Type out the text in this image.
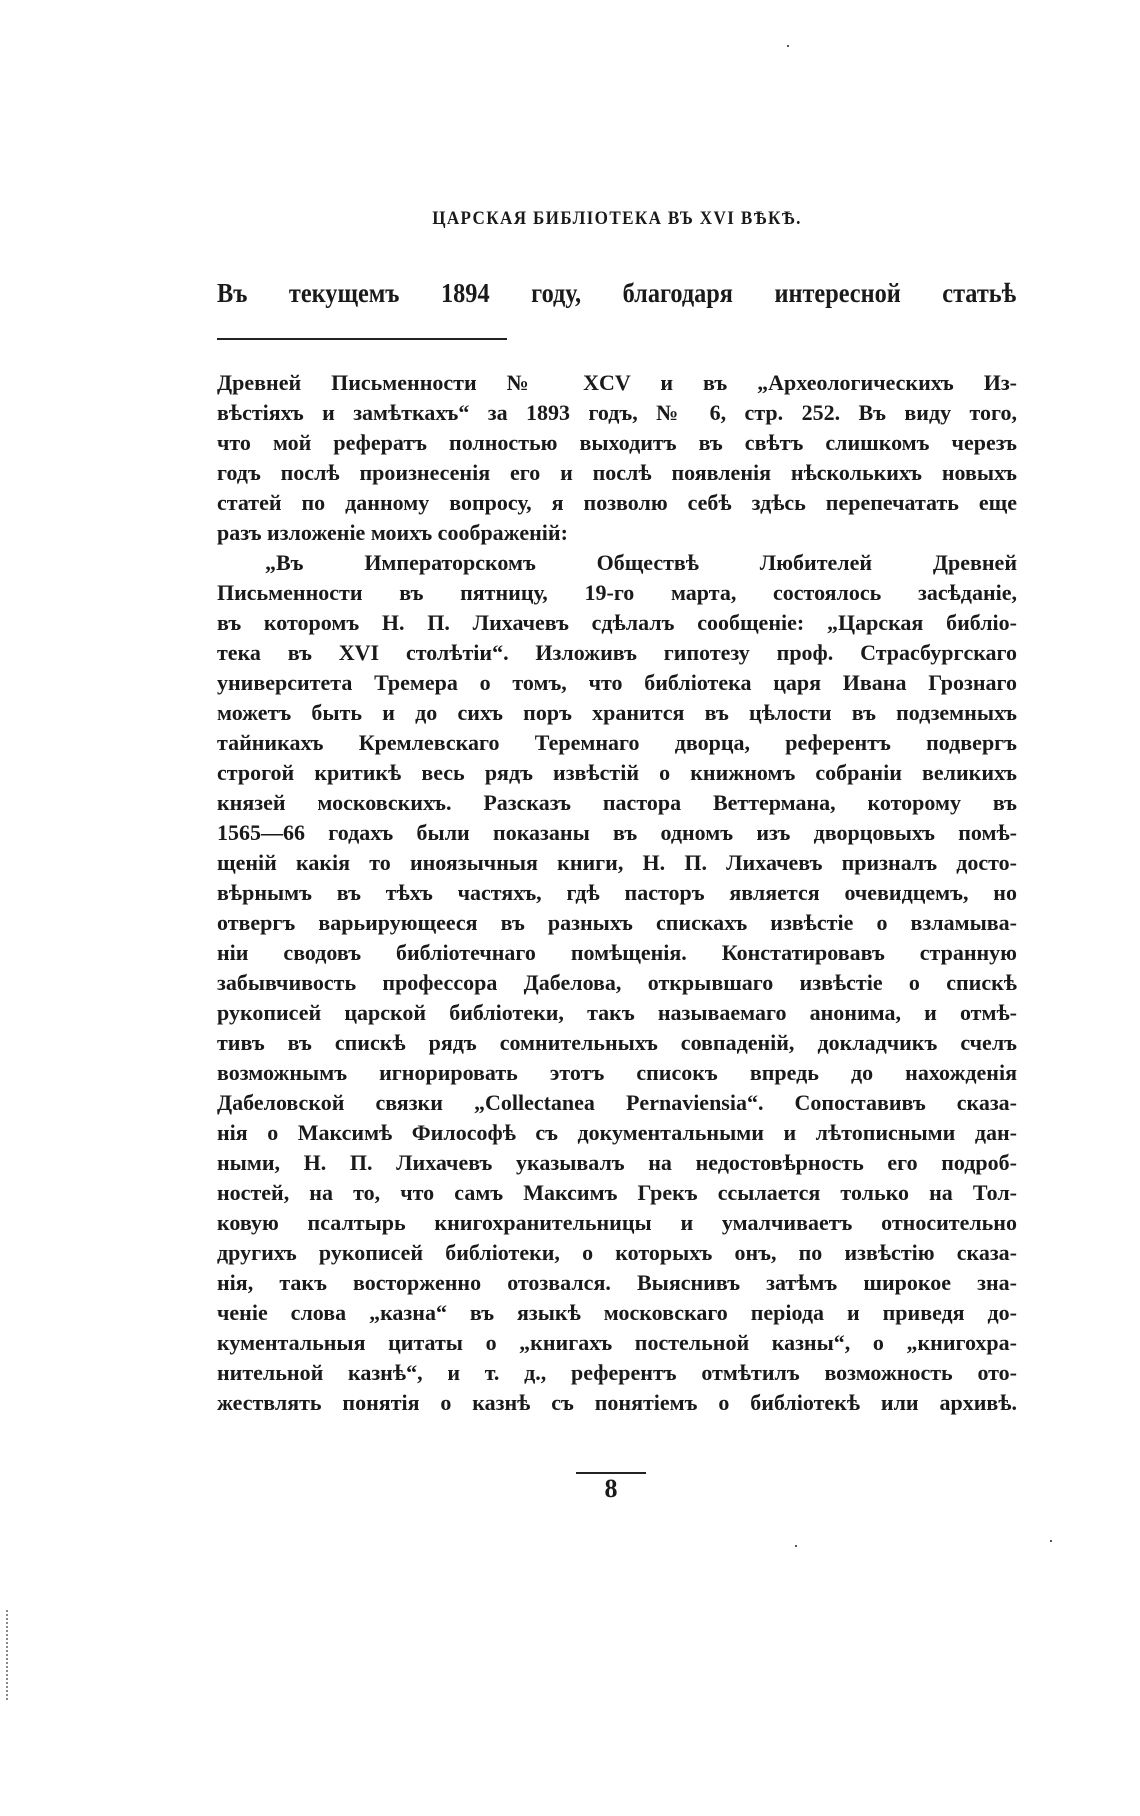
ЦАРСКАЯ БИБЛIОТЕКА ВЪ XVI ВѢКѢ.
Въ текущемъ 1894 году, благодаря интересной статьѣ
Древней Письменности № XCV и въ „Археологическихъ Из-
вѣстiяхъ и замѣткахъ“ за 1893 годъ, № 6, стр. 252. Въ виду того,
что мой рефератъ полностью выходитъ въ свѣтъ слишкомъ черезъ
годъ послѣ произнесенiя его и послѣ появленiя нѣсколькихъ новыхъ
статей по данному вопросу, я позволю себѣ здѣсь перепечатать еще
разъ изложенiе моихъ соображенiй:
„Въ Императорскомъ Обществѣ Любителей Древней
Письменности въ пятницу, 19-го марта, состоялось засѣданiе,
въ которомъ Н. П. Лихачевъ сдѣлалъ сообщенiе: „Царская библiо-
тека въ XVI столѣтiи“. Изложивъ гипотезу проф. Страсбургскаго
университета Тремера о томъ, что библiотека царя Ивана Грознаго
можетъ быть и до сихъ поръ хранится въ цѣлости въ подземныхъ
тайникахъ Кремлевскаго Теремнаго дворца, референтъ подвергъ
строгой критикѣ весь рядъ извѣстiй о книжномъ собранiи великихъ
князей московскихъ. Разсказъ пастора Веттермана, которому въ
1565—66 годахъ были показаны въ одномъ изъ дворцовыхъ помѣ-
щенiй какiя то иноязычныя книги, Н. П. Лихачевъ призналъ досто-
вѣрнымъ въ тѣхъ частяхъ, гдѣ пасторъ является очевидцемъ, но
отвергъ варьирующееся въ разныхъ спискахъ извѣстiе о взламыва-
нiи сводовъ библiотечнаго помѣщенiя. Констатировавъ странную
забывчивость профессора Дабелова, открывшаго извѣстiе о спискѣ
рукописей царской библiотеки, такъ называемаго анонима, и отмѣ-
тивъ въ спискѣ рядъ сомнительныхъ совпаденiй, докладчикъ счелъ
возможнымъ игнорировать этотъ списокъ впредь до нахожденiя
Дабеловской связки „Collectanea Pernaviensia“. Сопоставивъ сказа-
нiя о Максимѣ Философѣ съ документальными и лѣтописными дан-
ными, Н. П. Лихачевъ указывалъ на недостовѣрность его подроб-
ностей, на то, что самъ Максимъ Грекъ ссылается только на Тол-
ковую псалтырь книгохранительницы и умалчиваетъ относительно
другихъ рукописей библiотеки, о которыхъ онъ, по извѣстiю сказа-
нiя, такъ восторженно отозвался. Выяснивъ затѣмъ широкое зна-
ченiе слова „казна“ въ языкѣ московскаго перiода и приведя до-
кументальныя цитаты о „книгахъ постельной казны“, о „книгохра-
нительной казнѣ“, и т. д., референтъ отмѣтилъ возможность ото-
жествлять понятiя о казнѣ съ понятiемъ о библiотекѣ или архивѣ.
8
